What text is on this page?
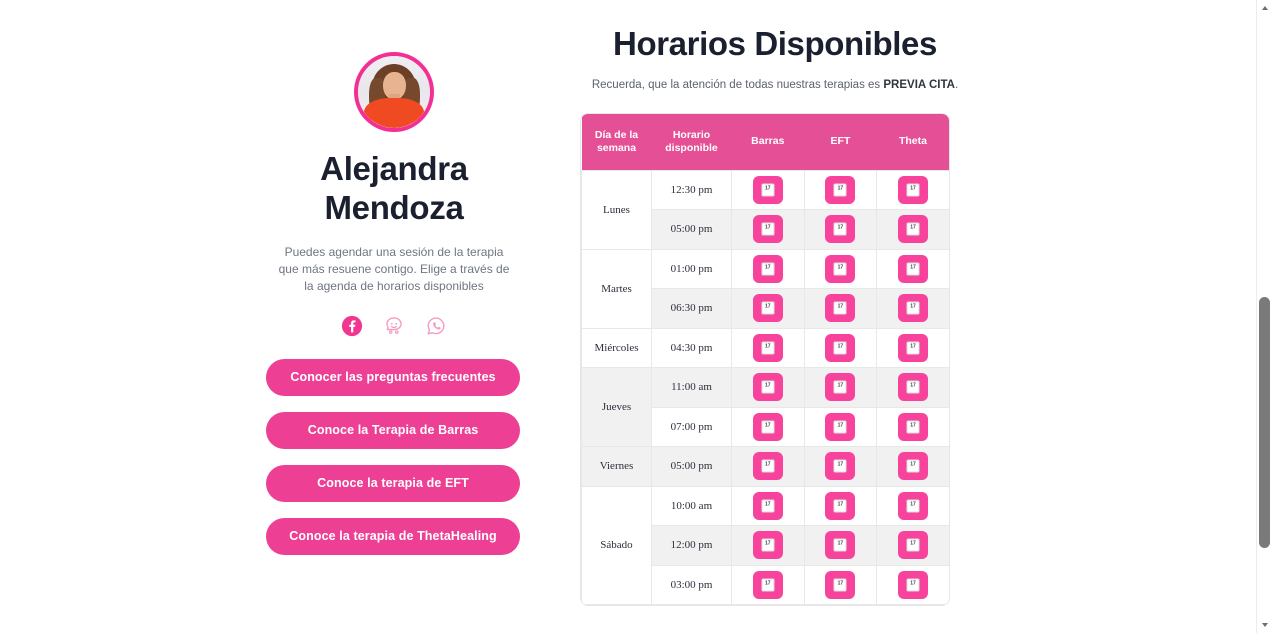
Alejandra
Mendoza
Puedes agendar una sesión de la terapia que más resuene contigo. Elige a través de la agenda de horarios disponibles
Conocer las preguntas frecuentes
Conoce la Terapia de Barras
Conoce la terapia de EFT
Conoce la terapia de ThetaHealing
Horarios Disponibles

Recuerda, que la atención de todas nuestras terapias es PREVIA CITA.

Día de la
semana	Horario
disponible	Barras	EFT	Theta
Lunes	12:30 pm	17	17	17

	05:00 pm	17	17	17

Martes	01:00 pm	17	17	17

	06:30 pm	17	17	17

Miércoles	04:30 pm	17	17	17

Jueves	11:00 am	17	17	17

	07:00 pm	17	17	17

Viernes	05:00 pm	17	17	17

Sábado	10:00 am	17	17	17

	12:00 pm	17	17	17

	03:00 pm	17	17	17
